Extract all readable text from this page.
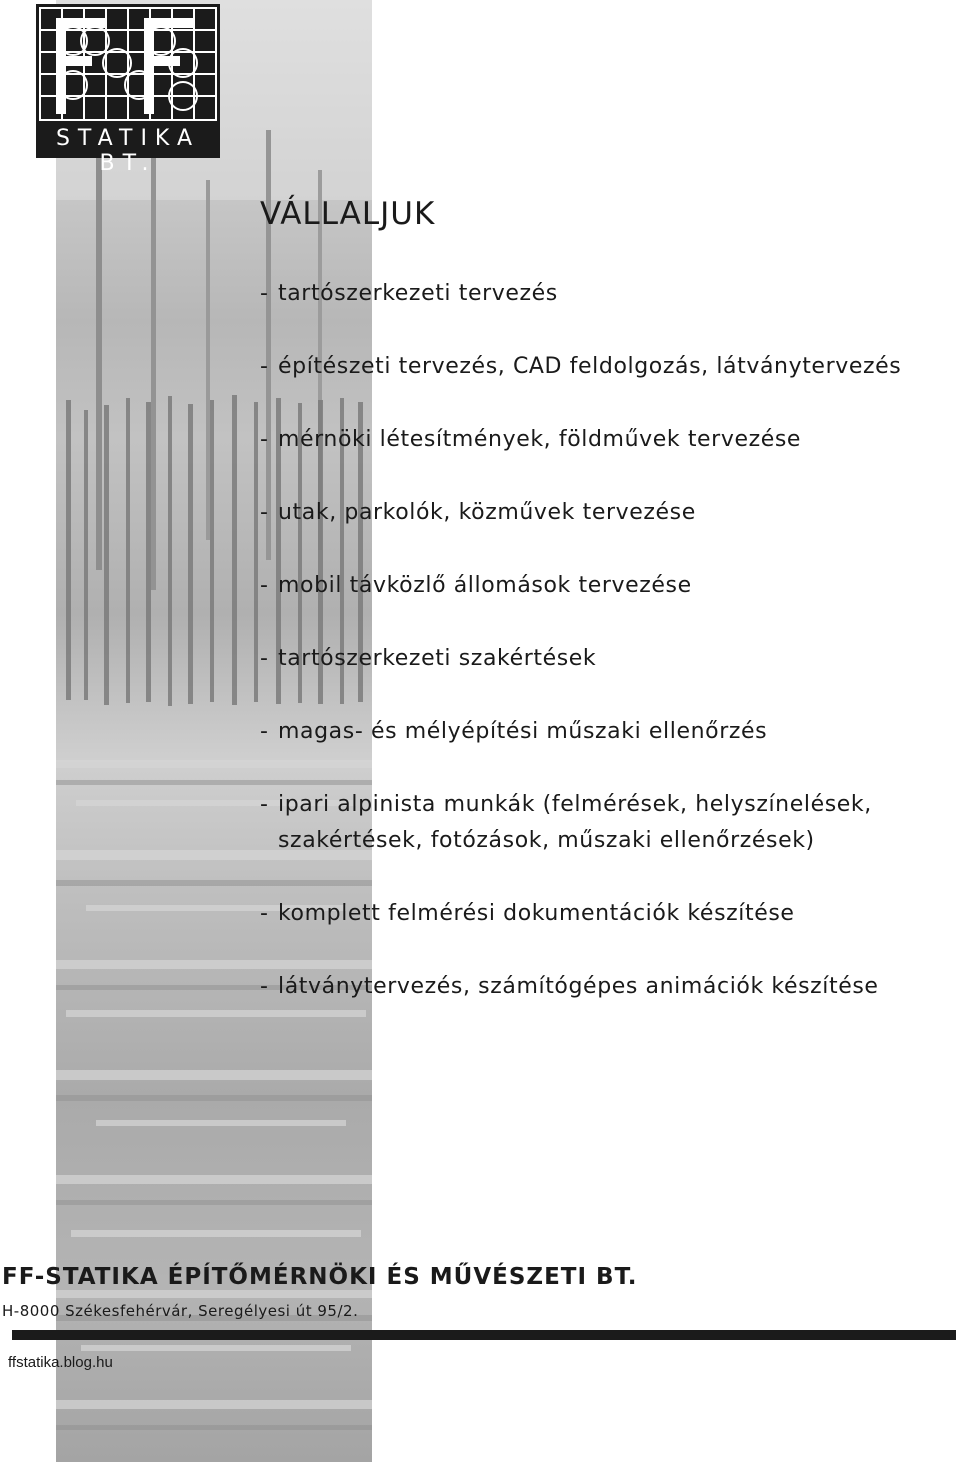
STATIKA BT.
VÁLLALJUK
- tartószerkezeti tervezés
- építészeti tervezés, CAD feldolgozás, látványtervezés
- mérnöki létesítmények, földművek tervezése
- utak, parkolók, közművek tervezése
- mobil távközlő állomások tervezése
- tartószerkezeti szakértések
- magas- és mélyépítési műszaki ellenőrzés
- ipari alpinista munkák (felmérések, helyszínelések, szakértések, fotózások, műszaki ellenőrzések)
- komplett felmérési dokumentációk készítése
- látványtervezés, számítógépes animációk készítése
FF-STATIKA ÉPÍTŐMÉRNÖKI ÉS MŰVÉSZETI BT.
H-8000 Székesfehérvár, Seregélyesi út 95/2.
ffstatika.blog.hu
